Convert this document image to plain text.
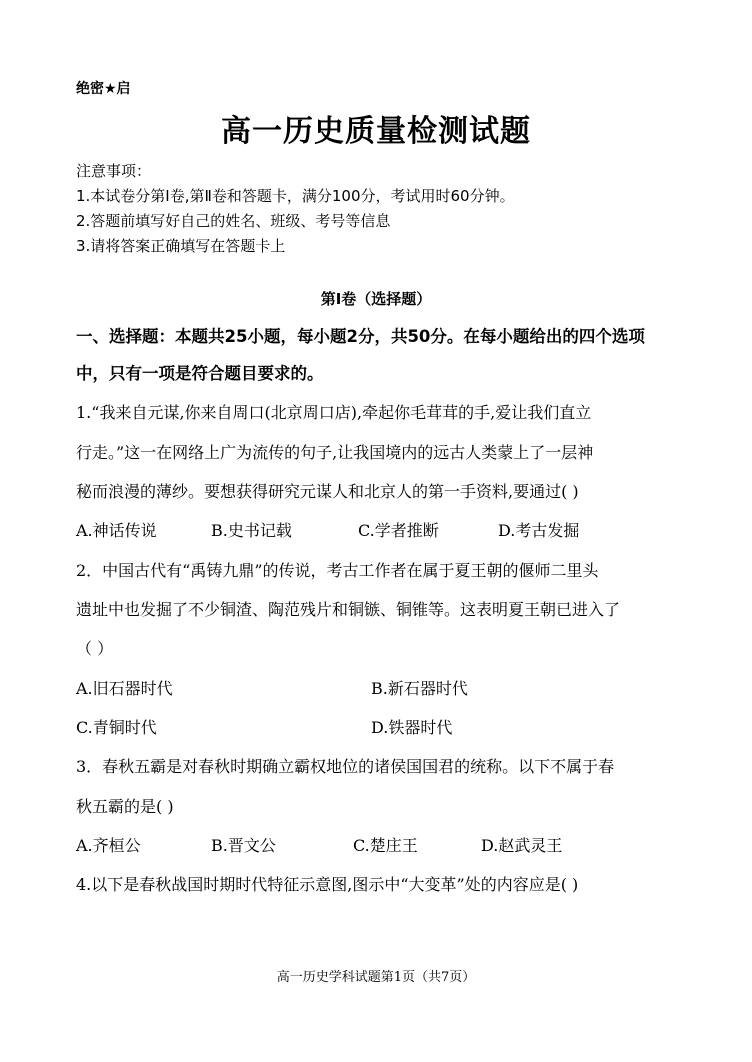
绝密★启
高一历史质量检测试题
注意事项：
1.本试卷分第Ⅰ卷,第Ⅱ卷和答题卡，满分100分，考试用时60分钟。
2.答题前填写好自己的姓名、班级、考号等信息
3.请将答案正确填写在答题卡上
第Ⅰ卷（选择题）
一、选择题：本题共25小题，每小题2分，共50分。在每小题给出的四个选项
中，只有一项是符合题目要求的。
1.“我来自元谋,你来自周口(北京周口店),牵起你毛茸茸的手,爱让我们直立
行走。”这一在网络上广为流传的句子,让我国境内的远古人类蒙上了一层神
秘而浪漫的薄纱。要想获得研究元谋人和北京人的第一手资料,要通过( )
A.神话传说	B.史书记载	C.学者推断	D.考古发掘
2．中国古代有“禹铸九鼎”的传说，考古工作者在属于夏王朝的偃师二里头
遗址中也发掘了不少铜渣、陶范残片和铜镞、铜锥等。这表明夏王朝已进入了
（ ）
A.旧石器时代	B.新石器时代
C.青铜时代	D.铁器时代
3．春秋五霸是对春秋时期确立霸权地位的诸侯国国君的统称。以下不属于春
秋五霸的是( )
A.齐桓公	B.晋文公	C.楚庄王	D.赵武灵王
4.以下是春秋战国时期时代特征示意图,图示中“大变革”处的内容应是( )
高一历史学科试题第1页（共7页）
